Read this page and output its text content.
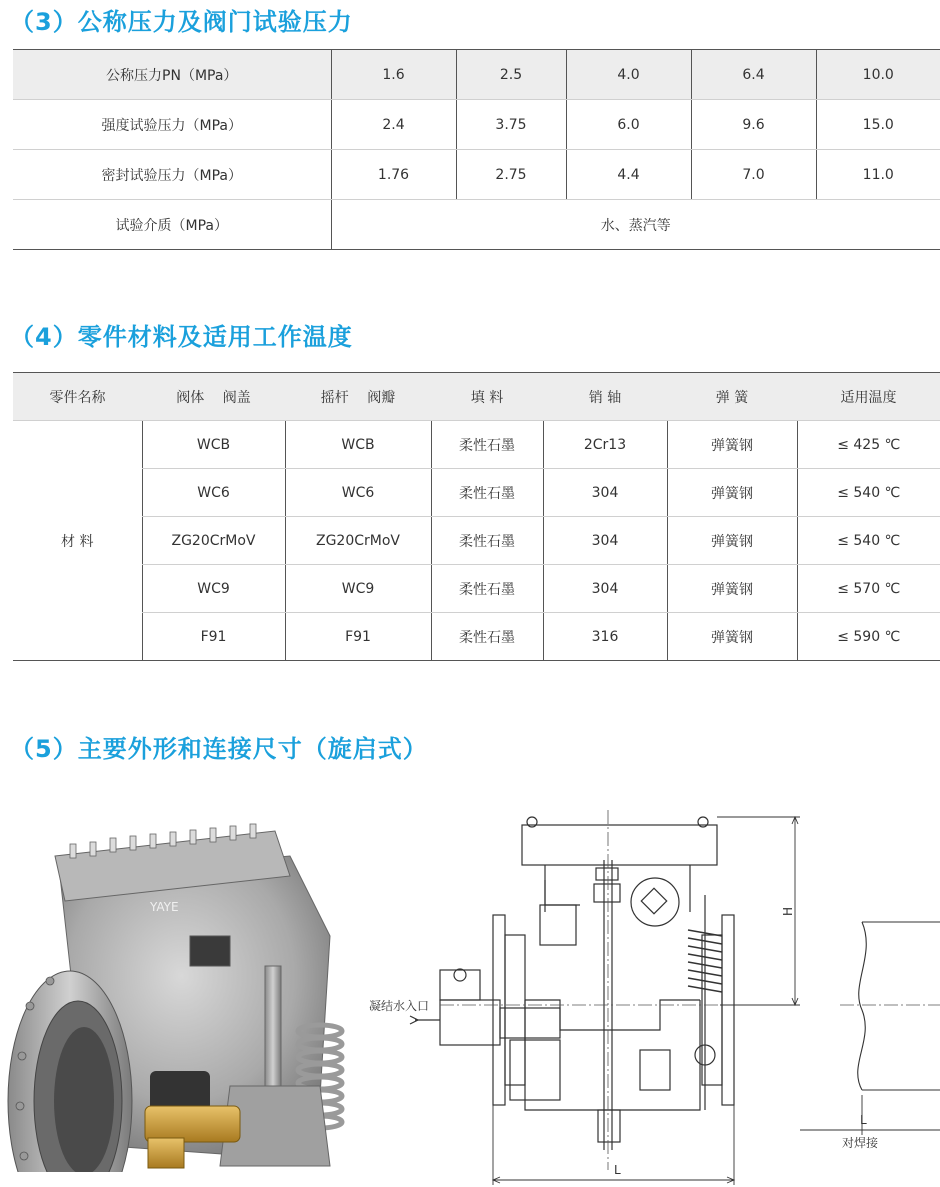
（3）公称压力及阀门试验压力
公称压力PN（MPa）	1.6	2.5	4.0	6.4	10.0
强度试验压力（MPa）	2.4	3.75	6.0	9.6	15.0
密封试验压力（MPa）	1.76	2.75	4.4	7.0	11.0
试验介质（MPa）	水、蒸汽等				
（4）零件材料及适用工作温度
零件名称	阀体　 阀盖	摇杆　 阀瓣	填 料	销 轴	弹 簧	适用温度
材 料	WCB	WCB	柔性石墨	2Cr13	弹簧钢	≤ 425 ℃
	WC6	WC6	柔性石墨	304	弹簧钢	≤ 540 ℃
	ZG20CrMoV	ZG20CrMoV	柔性石墨	304	弹簧钢	≤ 540 ℃
	WC9	WC9	柔性石墨	304	弹簧钢	≤ 570 ℃
	F91	F91	柔性石墨	316	弹簧钢	≤ 590 ℃
（5）主要外形和连接尺寸（旋启式）
YAYE	H
L
凝结水入口
L
对焊接
